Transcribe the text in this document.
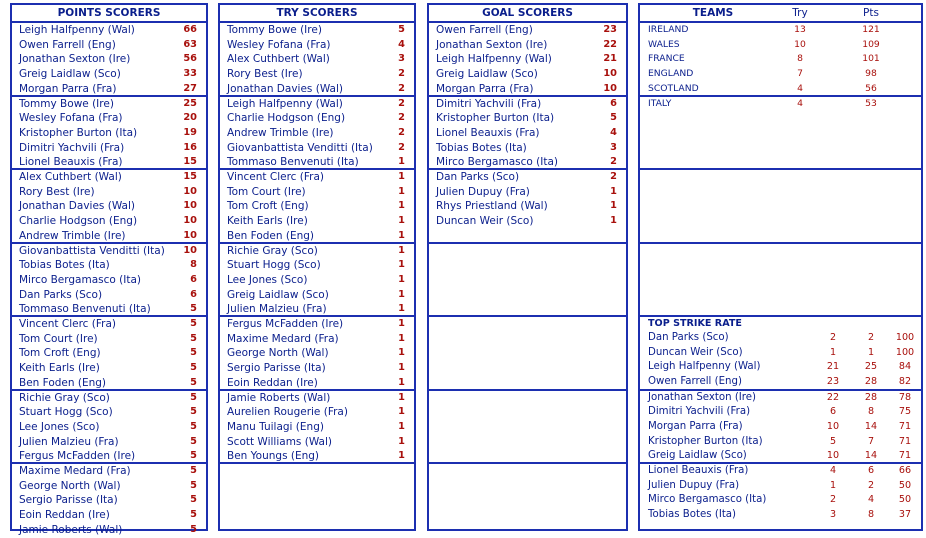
POINTS SCORERS
Leigh Halfpenny (Wal)	66
Owen Farrell (Eng)	63
Jonathan Sexton (Ire)	56
Greig Laidlaw (Sco)	33
Morgan Parra (Fra)	27
Tommy Bowe (Ire)	25
Wesley Fofana (Fra)	20
Kristopher Burton (Ita)	19
Dimitri Yachvili (Fra)	16
Lionel Beauxis (Fra)	15
Alex Cuthbert (Wal)	15
Rory Best (Ire)	10
Jonathan Davies (Wal)	10
Charlie Hodgson (Eng)	10
Andrew Trimble (Ire)	10
Giovanbattista Venditti (Ita) 10
Tobias Botes (Ita)	8
Mirco Bergamasco (Ita)	6
Dan Parks (Sco)	6
Tommaso Benvenuti (Ita)	5
Vincent Clerc (Fra)	5
Tom Court (Ire)	5
Tom Croft (Eng)	5
Keith Earls (Ire)	5
Ben Foden (Eng)	5
Richie Gray (Sco)	5
Stuart Hogg (Sco)	5
Lee Jones (Sco)	5
Julien Malzieu (Fra)	5
Fergus McFadden (Ire)	5
Maxime Medard (Fra)	5
George North (Wal)	5
Sergio Parisse (Ita)	5
Eoin Reddan (Ire)	5
Jamie Roberts (Wal)	5
TRY SCORERS
Tommy Bowe (Ire)	5
Wesley Fofana (Fra)	4
Alex Cuthbert (Wal)	3
Rory Best (Ire)	2
Jonathan Davies (Wal)	2
Leigh Halfpenny (Wal)	2
Charlie Hodgson (Eng)	2
Andrew Trimble (Ire)	2
Giovanbattista Venditti (Ita)	2
Tommaso Benvenuti (Ita)	1
Vincent Clerc (Fra)	1
Tom Court (Ire)	1
Tom Croft (Eng)	1
Keith Earls (Ire)	1
Ben Foden (Eng)	1
Richie Gray (Sco)	1
Stuart Hogg (Sco)	1
Lee Jones (Sco)	1
Greig Laidlaw (Sco)	1
Julien Malzieu (Fra)	1
Fergus McFadden (Ire)	1
Maxime Medard (Fra)	1
George North (Wal)	1
Sergio Parisse (Ita)	1
Eoin Reddan (Ire)	1
Jamie Roberts (Wal)	1
Aurelien Rougerie (Fra)	1
Manu Tuilagi (Eng)	1
Scott Williams (Wal)	1
Ben Youngs (Eng)	1
GOAL SCORERS
Owen Farrell (Eng)	23
Jonathan Sexton (Ire)	22
Leigh Halfpenny (Wal)	21
Greig Laidlaw (Sco)	10
Morgan Parra (Fra)	10
Dimitri Yachvili (Fra)	6
Kristopher Burton (Ita)	5
Lionel Beauxis (Fra)	4
Tobias Botes (Ita)	3
Mirco Bergamasco (Ita)	2
Dan Parks (Sco)	2
Julien Dupuy (Fra)	1
Rhys Priestland (Wal)	1
Duncan Weir (Sco)	1
TEAMS	Try	Pts
IRELAND	13	121
WALES	10	109
FRANCE	8	101
ENGLAND	7	98
SCOTLAND	4	56
ITALY	4	53
TOP STRIKE RATE
Dan Parks (Sco)	2	2	100
Duncan Weir (Sco)	1	1	100
Leigh Halfpenny (Wal)	21	25	84
Owen Farrell (Eng)	23	28	82
Jonathan Sexton (Ire)	22	28	78
Dimitri Yachvili (Fra)	6	8	75
Morgan Parra (Fra)	10	14	71
Kristopher Burton (Ita)	5	7	71
Greig Laidlaw (Sco)	10	14	71
Lionel Beauxis (Fra)	4	6	66
Julien Dupuy (Fra)	1	2	50
Mirco Bergamasco (Ita)	2	4	50
Tobias Botes (Ita)	3	8	37
